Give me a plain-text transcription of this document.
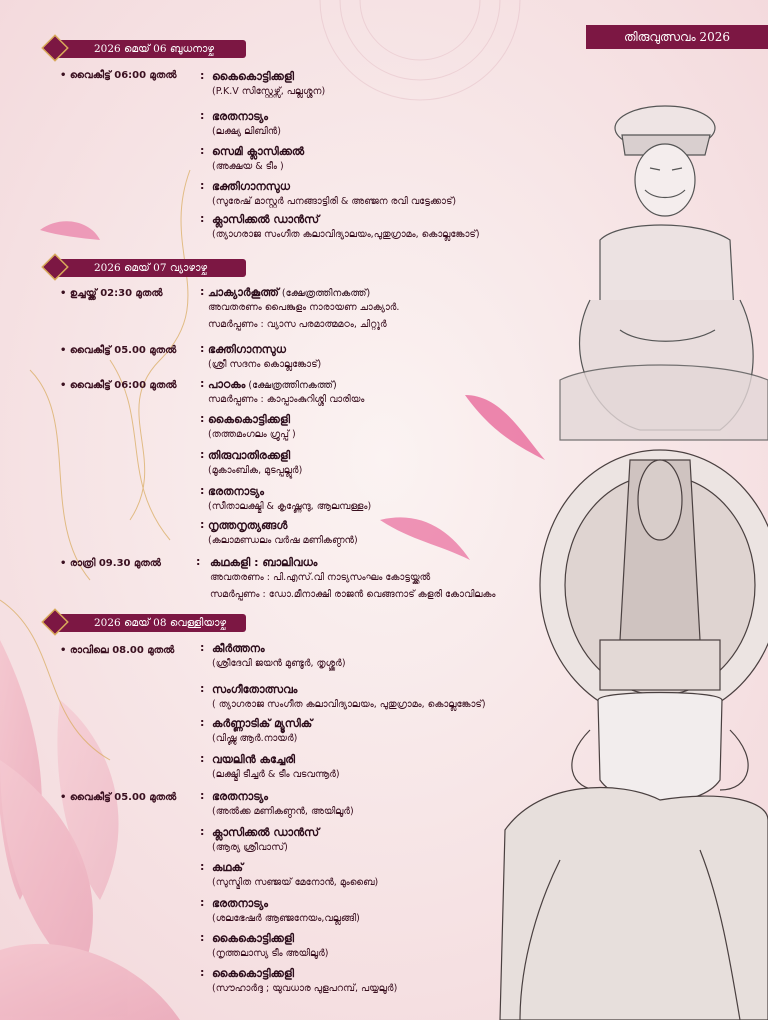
തിരുവുത്സവം 2026
2026 മെയ് 06 ബുധനാഴ്ച
• വൈകീട്ട് 06:00 മുതൽ : കൈകൊട്ടിക്കളി
(P.K.V സിസ്റ്റേഴ്സ്, പല്ലശ്ശന)
: ഭരതനാട്യം
(ലക്ഷ്യ ലിബിൻ)
: സെമി ക്ലാസിക്കൽ
(അക്ഷയ & ടീം )
: ഭക്തിഗാനസുധ
(സുരേഷ് മാസ്റ്റർ പനങ്ങാട്ടിരി & അഞ്ജന രവി വട്ടേക്കാട്)
: ക്ലാസിക്കൽ ഡാൻസ്
(ത്യാഗരാജ സംഗീത കലാവിദ്യാലയം,പുതുഗ്രാമം, കൊല്ലങ്കോട്)
2026 മെയ് 07 വ്യാഴാഴ്ച
• ഉച്ചയ്ക്ക് 02:30 മുതൽ	: ചാക്യാർകൂത്ത് (ക്ഷേത്രത്തിനകത്ത്)
അവതരണം പൈങ്കുളം നാരായണ ചാക്യാർ.
സമർപ്പണം : വ്യാസ പരമാത്മമഠം, ചിറ്റൂർ
• വൈകീട്ട് 05.00 മുതൽ : ഭക്തിഗാനസുധ
(ശ്രീ സദനം കൊല്ലങ്കോട്)
• വൈകീട്ട് 06:00 മുതൽ : പാഠകം (ക്ഷേത്രത്തിനകത്ത്)
സമർപ്പണം : കാപ്പാംകുറിശ്ശി വാരിയം
: കൈകൊട്ടിക്കളി
(തത്തമംഗലം ഗ്രൂപ്പ് )
: തിരുവാതിരക്കളി
(മൂകാംബിക, മുടപ്പല്ലൂർ)
: ഭരതനാട്യം
(സീതാലക്ഷ്മി & കൃഷ്ണേന്ദു, ആലമ്പള്ളം)
: നൃത്തനൃത്യങ്ങൾ
(കലാമണ്ഡലം വർഷ മണികണ്ഠൻ)
• രാത്രി 09.30 മുതൽ	: കഥകളി : ബാലിവധം
അവതരണം : പി.എസ്.വി നാട്യസംഘം കോട്ടയ്ക്കൽ
സമർപ്പണം : ഡോ.മീനാക്ഷി രാജൻ വെങ്ങനാട് കളരി കോവിലകം
2026 മെയ് 08 വെള്ളിയാഴ്ച
• രാവിലെ 08.00 മുതൽ : കീർത്തനം
(ശ്രീദേവി ജയൻ മുണ്ടൂർ, തൃശ്ശൂർ)
: സംഗീതോത്സവം
( ത്യാഗരാജ സംഗീത കലാവിദ്യാലയം, പുതുഗ്രാമം, കൊല്ലങ്കോട്)
: കർണ്ണാടിക് മ്യൂസിക്
(വിഷ്ണു ആർ.നായർ)
: വയലിൻ കച്ചേരി
(ലക്ഷ്മി ടീച്ചർ & ടീം വടവന്നൂർ)
• വൈകീട്ട് 05.00 മുതൽ : ഭരതനാട്യം
(അൽക്ക മണികണ്ഠൻ, അയിലൂർ)
: ക്ലാസിക്കൽ ഡാൻസ്
(ആര്യ ശ്രീവാസ്)
: കഥക്
(സുസ്മിത സഞ്ജയ് മേനോൻ, മുംബൈ)
: ഭരതനാട്യം
(ശലഭേഷർ ആഞ്ജനേയം,വല്ലങ്ങി)
: കൈകൊട്ടിക്കളി
(നൃത്തലാസ്യ ടീം അയിലൂർ)
: കൈകൊട്ടിക്കളി
(സൗഹാർദ്ദ ; യുവധാര പുളപറമ്പ്, പയ്യലൂർ)
